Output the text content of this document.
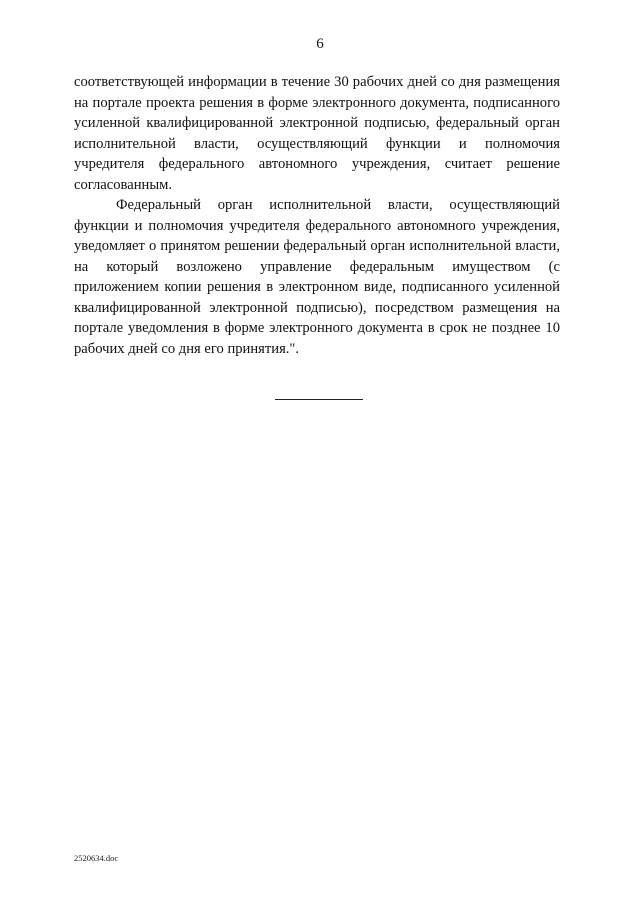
6

соответствующей информации в течение 30 рабочих дней со дня размещения на портале проекта решения в форме электронного документа, подписанного усиленной квалифицированной электронной подписью, федеральный орган исполнительной власти, осуществляющий функции и полномочия учредителя федерального автономного учреждения, считает решение согласованным.

Федеральный орган исполнительной власти, осуществляющий функции и полномочия учредителя федерального автономного учреждения, уведомляет о принятом решении федеральный орган исполнительной власти, на который возложено управление федеральным имуществом (с приложением копии решения в электронном виде, подписанного усиленной квалифицированной электронной подписью), посредством размещения на портале уведомления в форме электронного документа в срок не позднее 10 рабочих дней со дня его принятия.".

2520634.doc
